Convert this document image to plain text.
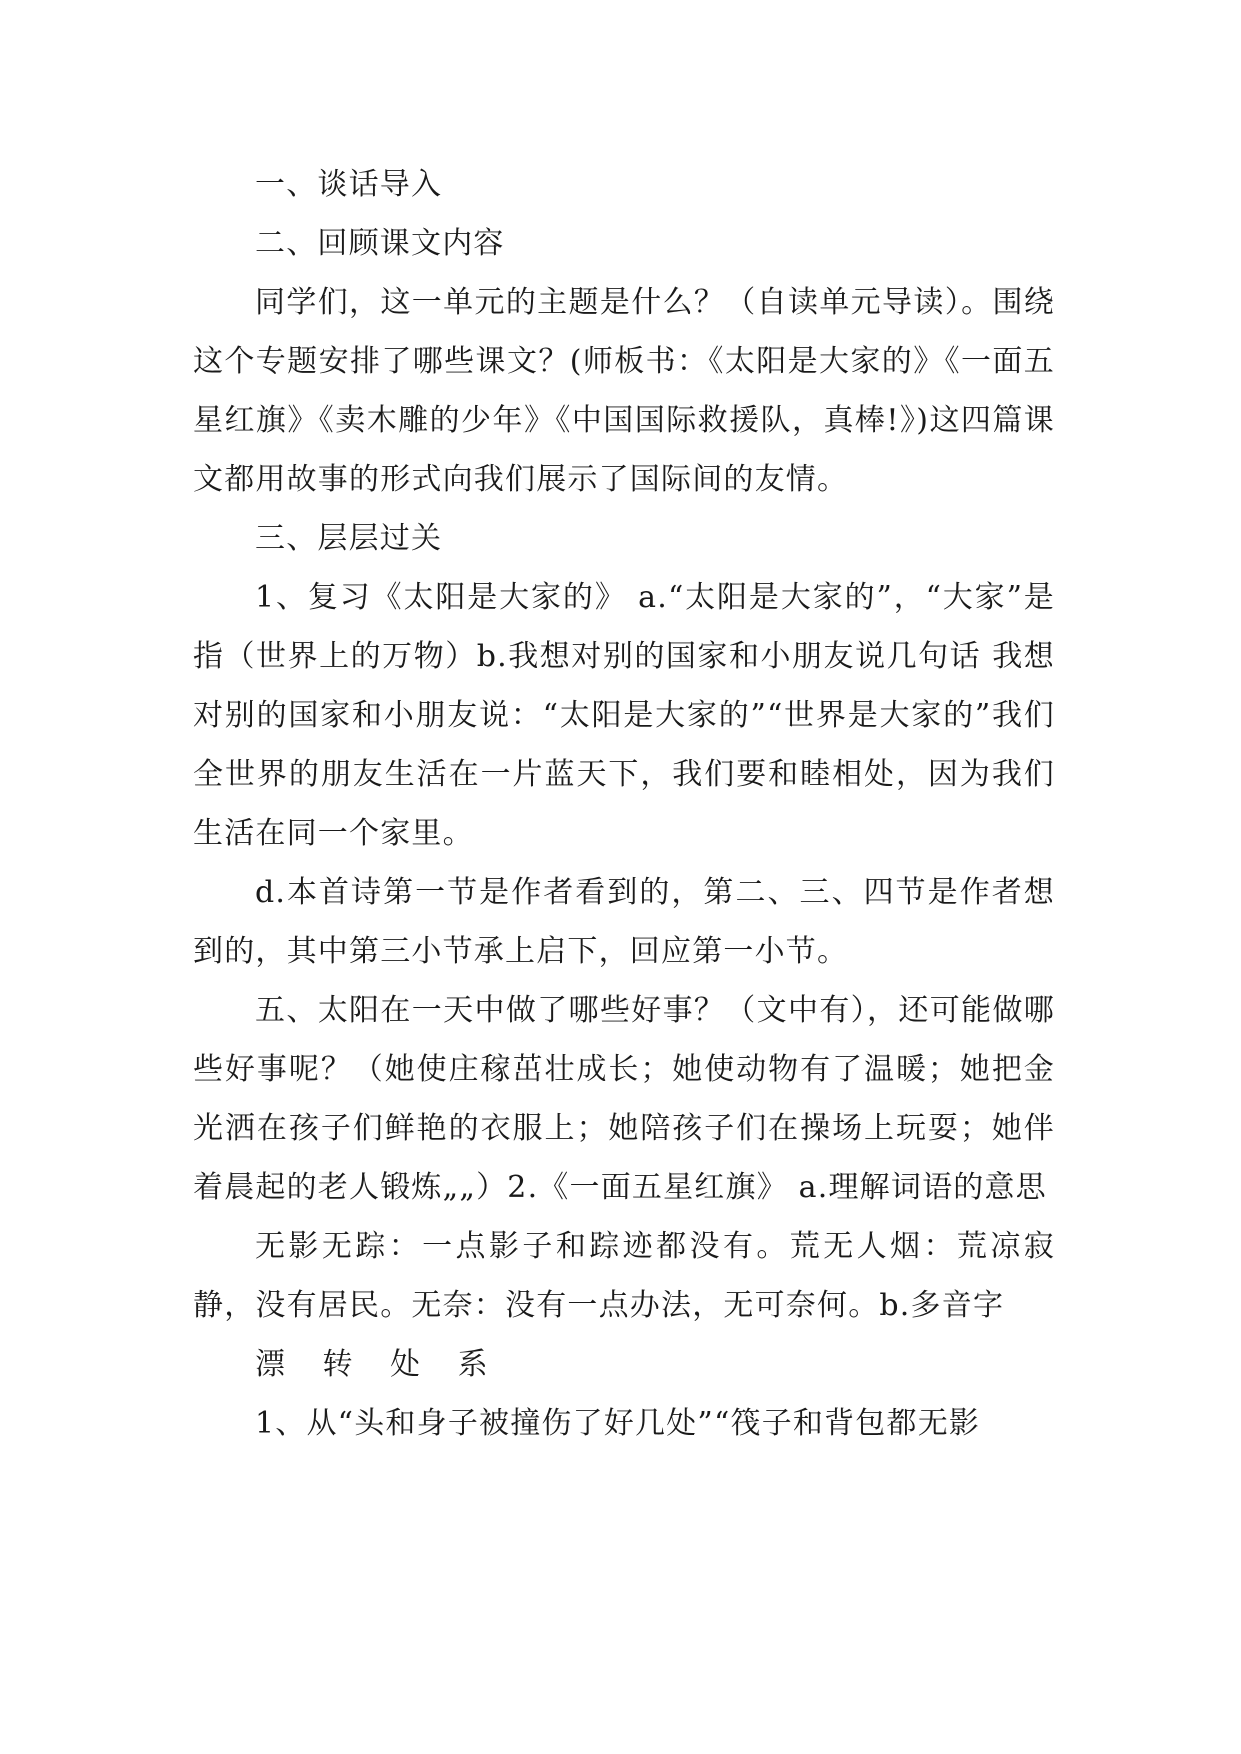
一、谈话导入

二、回顾课文内容

同学们，这一单元的主题是什么？（自读单元导读）。围绕这个专题安排了哪些课文？(师板书：《太阳是大家的》《一面五星红旗》《卖木雕的少年》《中国国际救援队，真棒!》)这四篇课文都用故事的形式向我们展示了国际间的友情。

三、层层过关

1、复习《太阳是大家的》 a.“太阳是大家的”，“大家”是指（世界上的万物）b.我想对别的国家和小朋友说几句话 我想对别的国家和小朋友说：“太阳是大家的”“世界是大家的”我们全世界的朋友生活在一片蓝天下，我们要和睦相处，因为我们生活在同一个家里。

d.本首诗第一节是作者看到的，第二、三、四节是作者想到的，其中第三小节承上启下，回应第一小节。

五、太阳在一天中做了哪些好事？（文中有），还可能做哪些好事呢？（她使庄稼茁壮成长；她使动物有了温暖；她把金光洒在孩子们鲜艳的衣服上；她陪孩子们在操场上玩耍；她伴着晨起的老人锻炼„„）2.《一面五星红旗》 a.理解词语的意思

无影无踪：一点影子和踪迹都没有。荒无人烟：荒凉寂静，没有居民。无奈：没有一点办法，无可奈何。b.多音字

漂 转 处 系

1、从“头和身子被撞伤了好几处”“筏子和背包都无影
